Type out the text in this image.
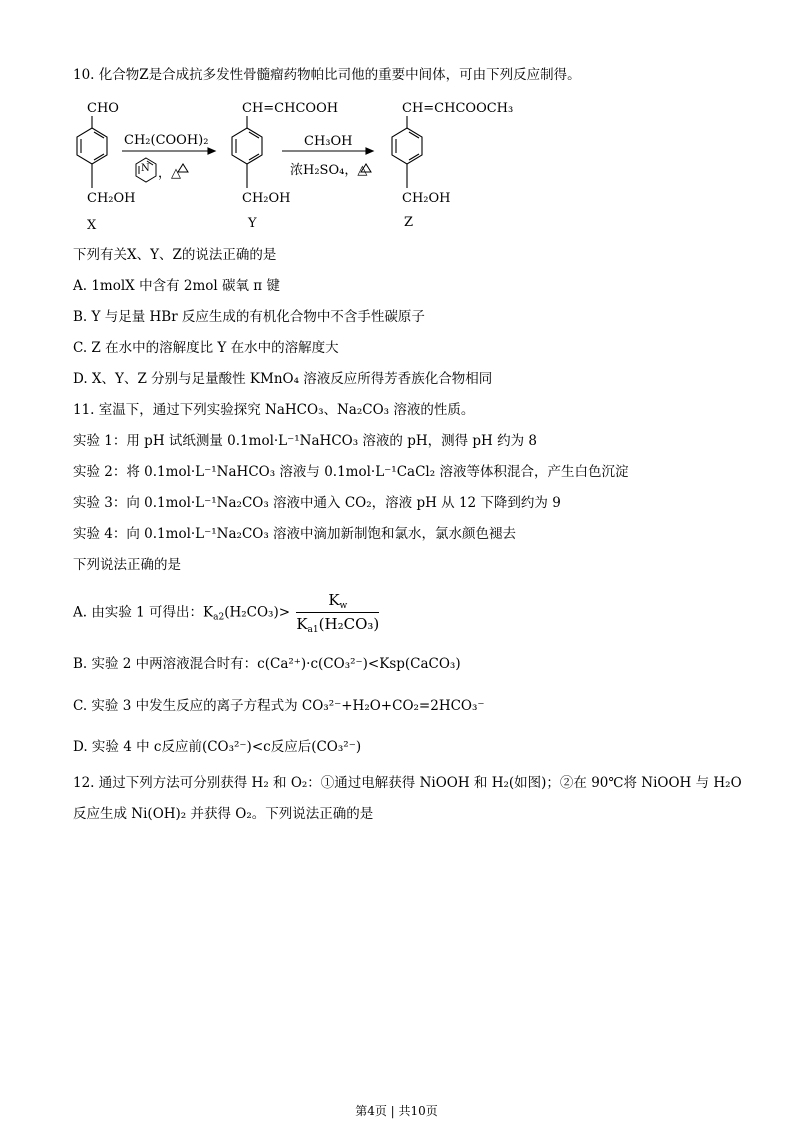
10. 化合物Z是合成抗多发性骨髓瘤药物帕比司他的重要中间体，可由下列反应制得。
CHO
CH₂OH
X
CH₂(COOH)₂
N ，△
CH=CHCOOH
CH₂OH
Y
CH₃OH
浓H₂SO₄，△
CH=CHCOOCH₃
CH₂OH
Z
下列有关X、Y、Z的说法正确的是
A. 1molX 中含有 2mol 碳氧 π 键
B. Y 与足量 HBr 反应生成的有机化合物中不含手性碳原子
C. Z 在水中的溶解度比 Y 在水中的溶解度大
D. X、Y、Z 分别与足量酸性 KMnO₄ 溶液反应所得芳香族化合物相同
11. 室温下，通过下列实验探究 NaHCO₃、Na₂CO₃ 溶液的性质。
实验 1：用 pH 试纸测量 0.1mol·L⁻¹NaHCO₃ 溶液的 pH，测得 pH 约为 8
实验 2：将 0.1mol·L⁻¹NaHCO₃ 溶液与 0.1mol·L⁻¹CaCl₂ 溶液等体积混合，产生白色沉淀
实验 3：向 0.1mol·L⁻¹Na₂CO₃ 溶液中通入 CO₂，溶液 pH 从 12 下降到约为 9
实验 4：向 0.1mol·L⁻¹Na₂CO₃ 溶液中滴加新制饱和氯水，氯水颜色褪去
下列说法正确的是
A. 由实验 1 可得出：$K_{a2}(H_2CO_3)> \frac{K_w}{K_{a1}(H_2CO_3)}$
B. 实验 2 中两溶液混合时有：c(Ca²⁺)·c(CO₃²⁻)<Ksp(CaCO₃)
C. 实验 3 中发生反应的离子方程式为 CO₃²⁻+H₂O+CO₂=2HCO₃⁻
D. 实验 4 中 c反应前(CO₃²⁻)<c反应后(CO₃²⁻)
12. 通过下列方法可分别获得 H₂ 和 O₂：①通过电解获得 NiOOH 和 H₂(如图)；②在 90℃将 NiOOH 与 H₂O
反应生成 Ni(OH)₂ 并获得 O₂。下列说法正确的是
第4页 | 共10页
